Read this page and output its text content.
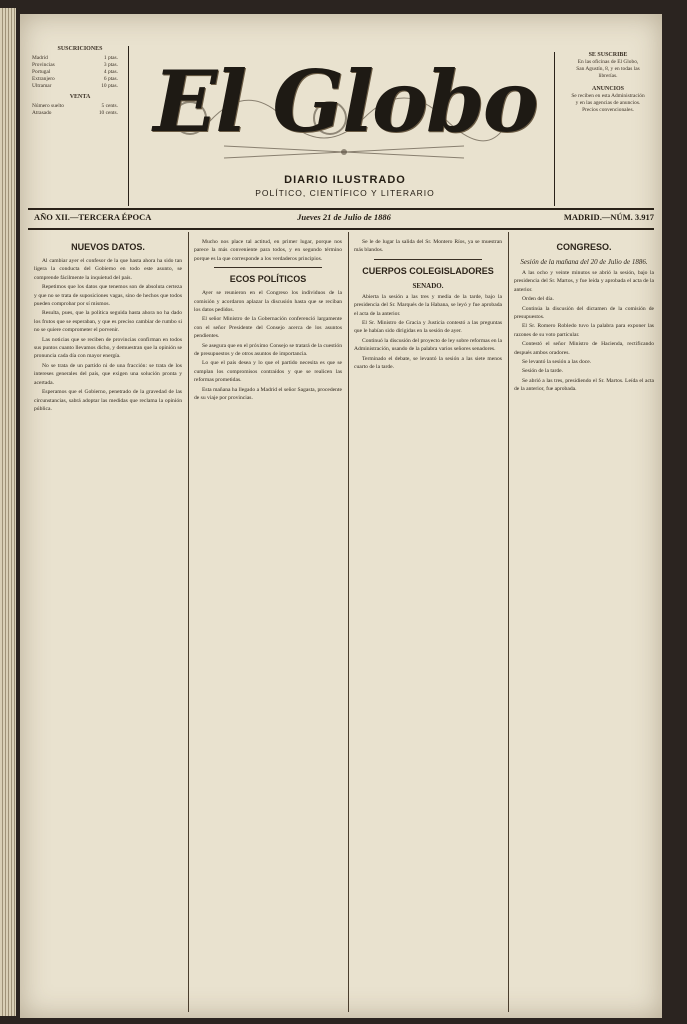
SUSCRICIONES
Madrid	1 ptas.
Provincias	3 ptas.
Portugal	4 ptas.
Extranjero	6 ptas.
Ultramar	10 ptas.
VENTA
Número suelto	5 cents.
Atrasado	10 cents.
SE SUSCRIBE
En las oficinas de El Globo,
San Agustín, 8, y en todas las
librerías.
ANUNCIOS
Se reciben en esta Administración
y en las agencias de anuncios.
Precios convencionales.
El Globo
DIARIO ILUSTRADO
POLÍTICO, CIENTÍFICO Y LITERARIO
AÑO XII.—TERCERA ÉPOCA	Jueves 21 de Julio de 1886	MADRID.—NÚM. 3.917
NUEVOS DATOS.

Al cambiar ayer el confesor de la que hasta ahora ha sido tan ligera la conducta del Gobierno en todo este asunto, se comprende fácilmente la inquietud del país.

Repetimos que los datos que tenemos son de absoluta certeza y que no se trata de suposiciones vagas, sino de hechos que todos pueden comprobar por sí mismos.

Resulta, pues, que la política seguida hasta ahora no ha dado los frutos que se esperaban, y que es preciso cambiar de rumbo si no se quiere comprometer el porvenir.

Las noticias que se reciben de provincias confirman en todos sus puntos cuanto llevamos dicho, y demuestran que la opinión se pronuncia cada día con mayor energía.

No se trata de un partido ni de una fracción: se trata de los intereses generales del país, que exigen una solución pronta y acertada.

Esperamos que el Gobierno, penetrado de la gravedad de las circunstancias, sabrá adoptar las medidas que reclama la opinión pública.

Mucho nos place tal actitud, en primer lugar, porque nos parece la más conveniente para todos, y en segundo término porque es la que corresponde a los verdaderos principios.

ECOS POLÍTICOS

Ayer se reunieron en el Congreso los individuos de la comisión y acordaron aplazar la discusión hasta que se reciban los datos pedidos.

El señor Ministro de la Gobernación conferenció largamente con el señor Presidente del Consejo acerca de los asuntos pendientes.

Se asegura que en el próximo Consejo se tratará de la cuestión de presupuestos y de otros asuntos de importancia.

Lo que el país desea y lo que el partido necesita es que se cumplan los compromisos contraídos y que se realicen las reformas prometidas.

Esta mañana ha llegado a Madrid el señor Sagasta, procedente de su viaje por provincias.

Se le de lugar la salida del Sr. Montero Ríos, ya se muestran más blandos.

CUERPOS COLEGISLADORES
SENADO.

Abierta la sesión a las tres y media de la tarde, bajo la presidencia del Sr. Marqués de la Habana, se leyó y fue aprobada el acta de la anterior.

El Sr. Ministro de Gracia y Justicia contestó a las preguntas que le habían sido dirigidas en la sesión de ayer.

Continuó la discusión del proyecto de ley sobre reformas en la Administración, usando de la palabra varios señores senadores.

Terminado el debate, se levantó la sesión a las siete menos cuarto de la tarde.

CONGRESO.
Sesión de la mañana del 20 de Julio de 1886.

A las ocho y veinte minutos se abrió la sesión, bajo la presidencia del Sr. Martos, y fue leída y aprobada el acta de la anterior.

Orden del día.

Continúa la discusión del dictamen de la comisión de presupuestos.

El Sr. Romero Robledo tuvo la palabra para exponer las razones de su voto particular.

Contestó el señor Ministro de Hacienda, rectificando después ambos oradores.

Se levantó la sesión a las doce.

Sesión de la tarde.

Se abrió a las tres, presidiendo el Sr. Martos. Leída el acta de la anterior, fue aprobada.
